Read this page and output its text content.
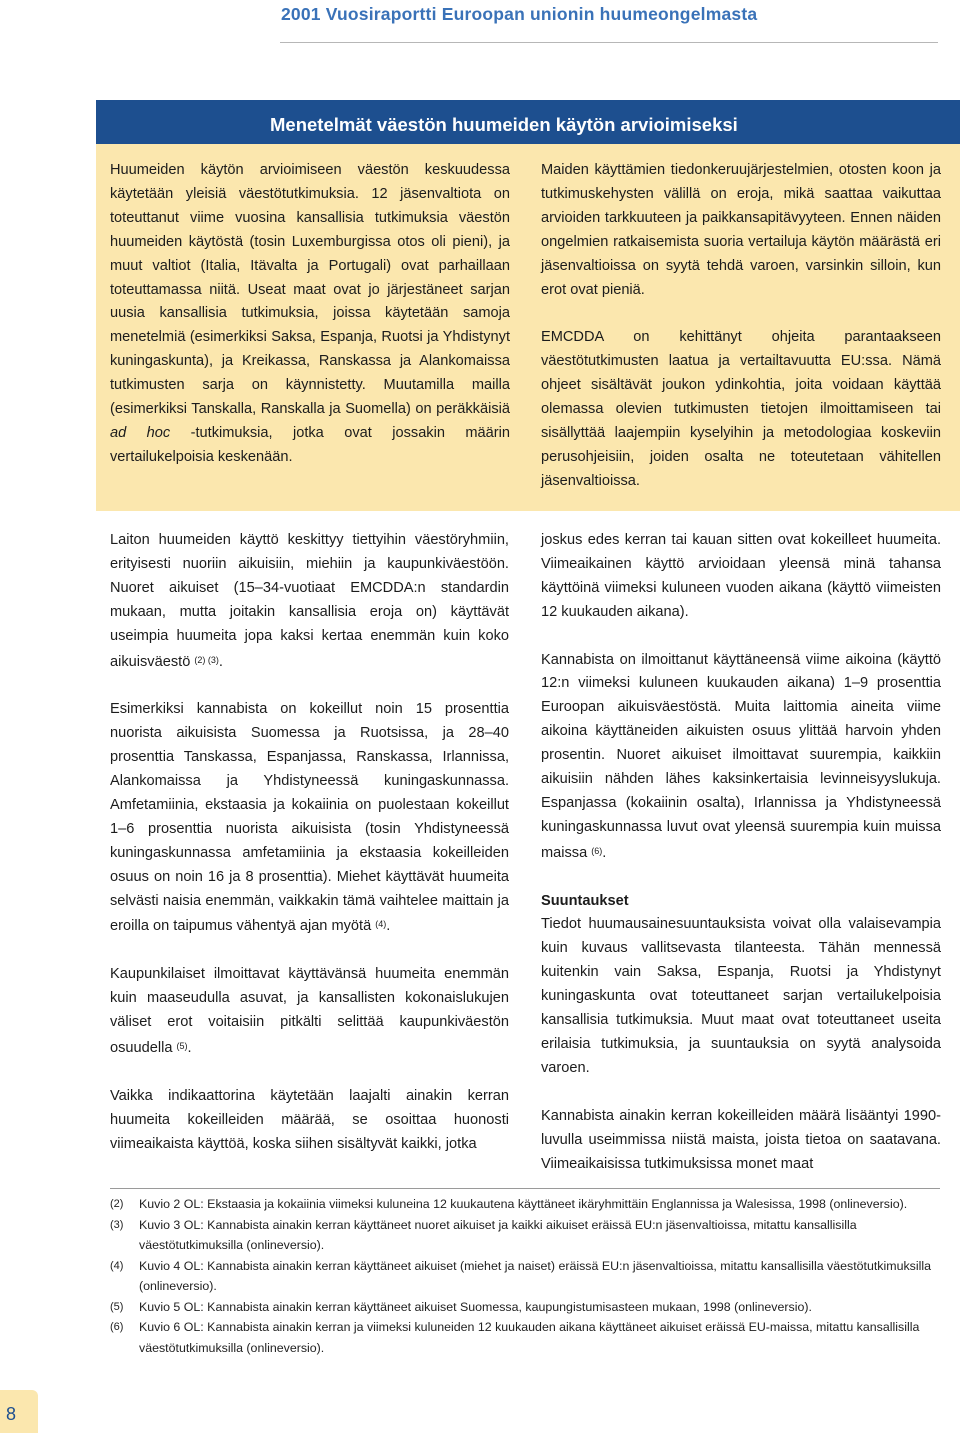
2001 Vuosiraportti Euroopan unionin huumeongelmasta
Menetelmät väestön huumeiden käytön arvioimiseksi

Huumeiden käytön arvioimiseen väestön keskuudessa käytetään yleisiä väestötutkimuksia. 12 jäsenvaltiota on toteuttanut viime vuosina kansallisia tutkimuksia väestön huumeiden käytöstä (tosin Luxemburgissa otos oli pieni), ja muut valtiot (Italia, Itävalta ja Portugali) ovat parhaillaan toteuttamassa niitä. Useat maat ovat jo järjestäneet sarjan uusia kansallisia tutkimuksia, joissa käytetään samoja menetelmiä (esimerkiksi Saksa, Espanja, Ruotsi ja Yhdistynyt kuningaskunta), ja Kreikassa, Ranskassa ja Alankomaissa tutkimusten sarja on käynnistetty. Muutamilla mailla (esimerkiksi Tanskalla, Ranskalla ja Suomella) on peräkkäisiä ad hoc -tutkimuksia, jotka ovat jossakin määrin vertailukelpoisia keskenään.

Maiden käyttämien tiedonkeruujärjestelmien, otosten koon ja tutkimuskehysten välillä on eroja, mikä saattaa vaikuttaa arvioiden tarkkuuteen ja paikkansapitävyyteen. Ennen näiden ongelmien ratkaisemista suoria vertailuja käytön määrästä eri jäsenvaltioissa on syytä tehdä varoen, varsinkin silloin, kun erot ovat pieniä.

EMCDDA on kehittänyt ohjeita parantaakseen väestötutkimusten laatua ja vertailtavuutta EU:ssa. Nämä ohjeet sisältävät joukon ydinkohtia, joita voidaan käyttää olemassa olevien tutkimusten tietojen ilmoittamiseen tai sisällyttää laajempiin kyselyihin ja metodologiaa koskeviin perusohjeisiin, joiden osalta ne toteutetaan vähitellen jäsenvaltioissa.

Laiton huumeiden käyttö keskittyy tiettyihin väestöryhmiin, erityisesti nuoriin aikuisiin, miehiin ja kaupunkiväestöön. Nuoret aikuiset (15–34-vuotiaat EMCDDA:n standardin mukaan, mutta joitakin kansallisia eroja on) käyttävät useimpia huumeita jopa kaksi kertaa enemmän kuin koko aikuisväestö $^{(2) (3)}$.

Esimerkiksi kannabista on kokeillut noin 15 prosenttia nuorista aikuisista Suomessa ja Ruotsissa, ja 28–40 prosenttia Tanskassa, Espanjassa, Ranskassa, Irlannissa, Alankomaissa ja Yhdistyneessä kuningaskunnassa. Amfetamiinia, ekstaasia ja kokaiinia on puolestaan kokeillut 1–6 prosenttia nuorista aikuisista (tosin Yhdistyneessä kuningaskunnassa amfetamiinia ja ekstaasia kokeilleiden osuus on noin 16 ja 8 prosenttia). Miehet käyttävät huumeita selvästi naisia enemmän, vaikkakin tämä vaihtelee maittain ja eroilla on taipumus vähentyä ajan myötä $^{(4)}$.

Kaupunkilaiset ilmoittavat käyttävänsä huumeita enemmän kuin maaseudulla asuvat, ja kansallisten kokonaislukujen väliset erot voitaisiin pitkälti selittää kaupunkiväestön osuudella $^{(5)}$.

Vaikka indikaattorina käytetään laajalti ainakin kerran huumeita kokeilleiden määrää, se osoittaa huonosti viimeaikaista käyttöä, koska siihen sisältyvät kaikki, jotka

joskus edes kerran tai kauan sitten ovat kokeilleet huumeita. Viimeaikainen käyttö arvioidaan yleensä minä tahansa käyttöinä viimeksi kuluneen vuoden aikana (käyttö viimeisten 12 kuukauden aikana).

Kannabista on ilmoittanut käyttäneensä viime aikoina (käyttö 12:n viimeksi kuluneen kuukauden aikana) 1–9 prosenttia Euroopan aikuisväestöstä. Muita laittomia aineita viime aikoina käyttäneiden aikuisten osuus ylittää harvoin yhden prosentin. Nuoret aikuiset ilmoittavat suurempia, kaikkiin aikuisiin nähden lähes kaksinkertaisia levinneisyyslukuja. Espanjassa (kokaiinin osalta), Irlannissa ja Yhdistyneessä kuningaskunnassa luvut ovat yleensä suurempia kuin muissa maissa $^{(6)}$.

Suuntaukset

Tiedot huumausainesuuntauksista voivat olla valaisevampia kuin kuvaus vallitsevasta tilanteesta. Tähän mennessä kuitenkin vain Saksa, Espanja, Ruotsi ja Yhdistynyt kuningaskunta ovat toteuttaneet sarjan vertailukelpoisia kansallisia tutkimuksia. Muut maat ovat toteuttaneet useita erilaisia tutkimuksia, ja suuntauksia on syytä analysoida varoen.

Kannabista ainakin kerran kokeilleiden määrä lisääntyi 1990-luvulla useimmissa niistä maista, joista tietoa on saatavana. Viimeaikaisissa tutkimuksissa monet maat

(2)	Kuvio 2 OL: Ekstaasia ja kokaiinia viimeksi kuluneina 12 kuukautena käyttäneet ikäryhmittäin Englannissa ja Walesissa, 1998 (onlineversio).
(3)	Kuvio 3 OL: Kannabista ainakin kerran käyttäneet nuoret aikuiset ja kaikki aikuiset eräissä EU:n jäsenvaltioissa, mitattu kansallisilla väestötutkimuksilla (onlineversio).
(4)	Kuvio 4 OL: Kannabista ainakin kerran käyttäneet aikuiset (miehet ja naiset) eräissä EU:n jäsenvaltioissa, mitattu kansallisilla väestötutkimuksilla (onlineversio).
(5)	Kuvio 5 OL: Kannabista ainakin kerran käyttäneet aikuiset Suomessa, kaupungistumisasteen mukaan, 1998 (onlineversio).
(6)	Kuvio 6 OL: Kannabista ainakin kerran ja viimeksi kuluneiden 12 kuukauden aikana käyttäneet aikuiset eräissä EU-maissa, mitattu kansallisilla väestötutkimuksilla (onlineversio).
8
